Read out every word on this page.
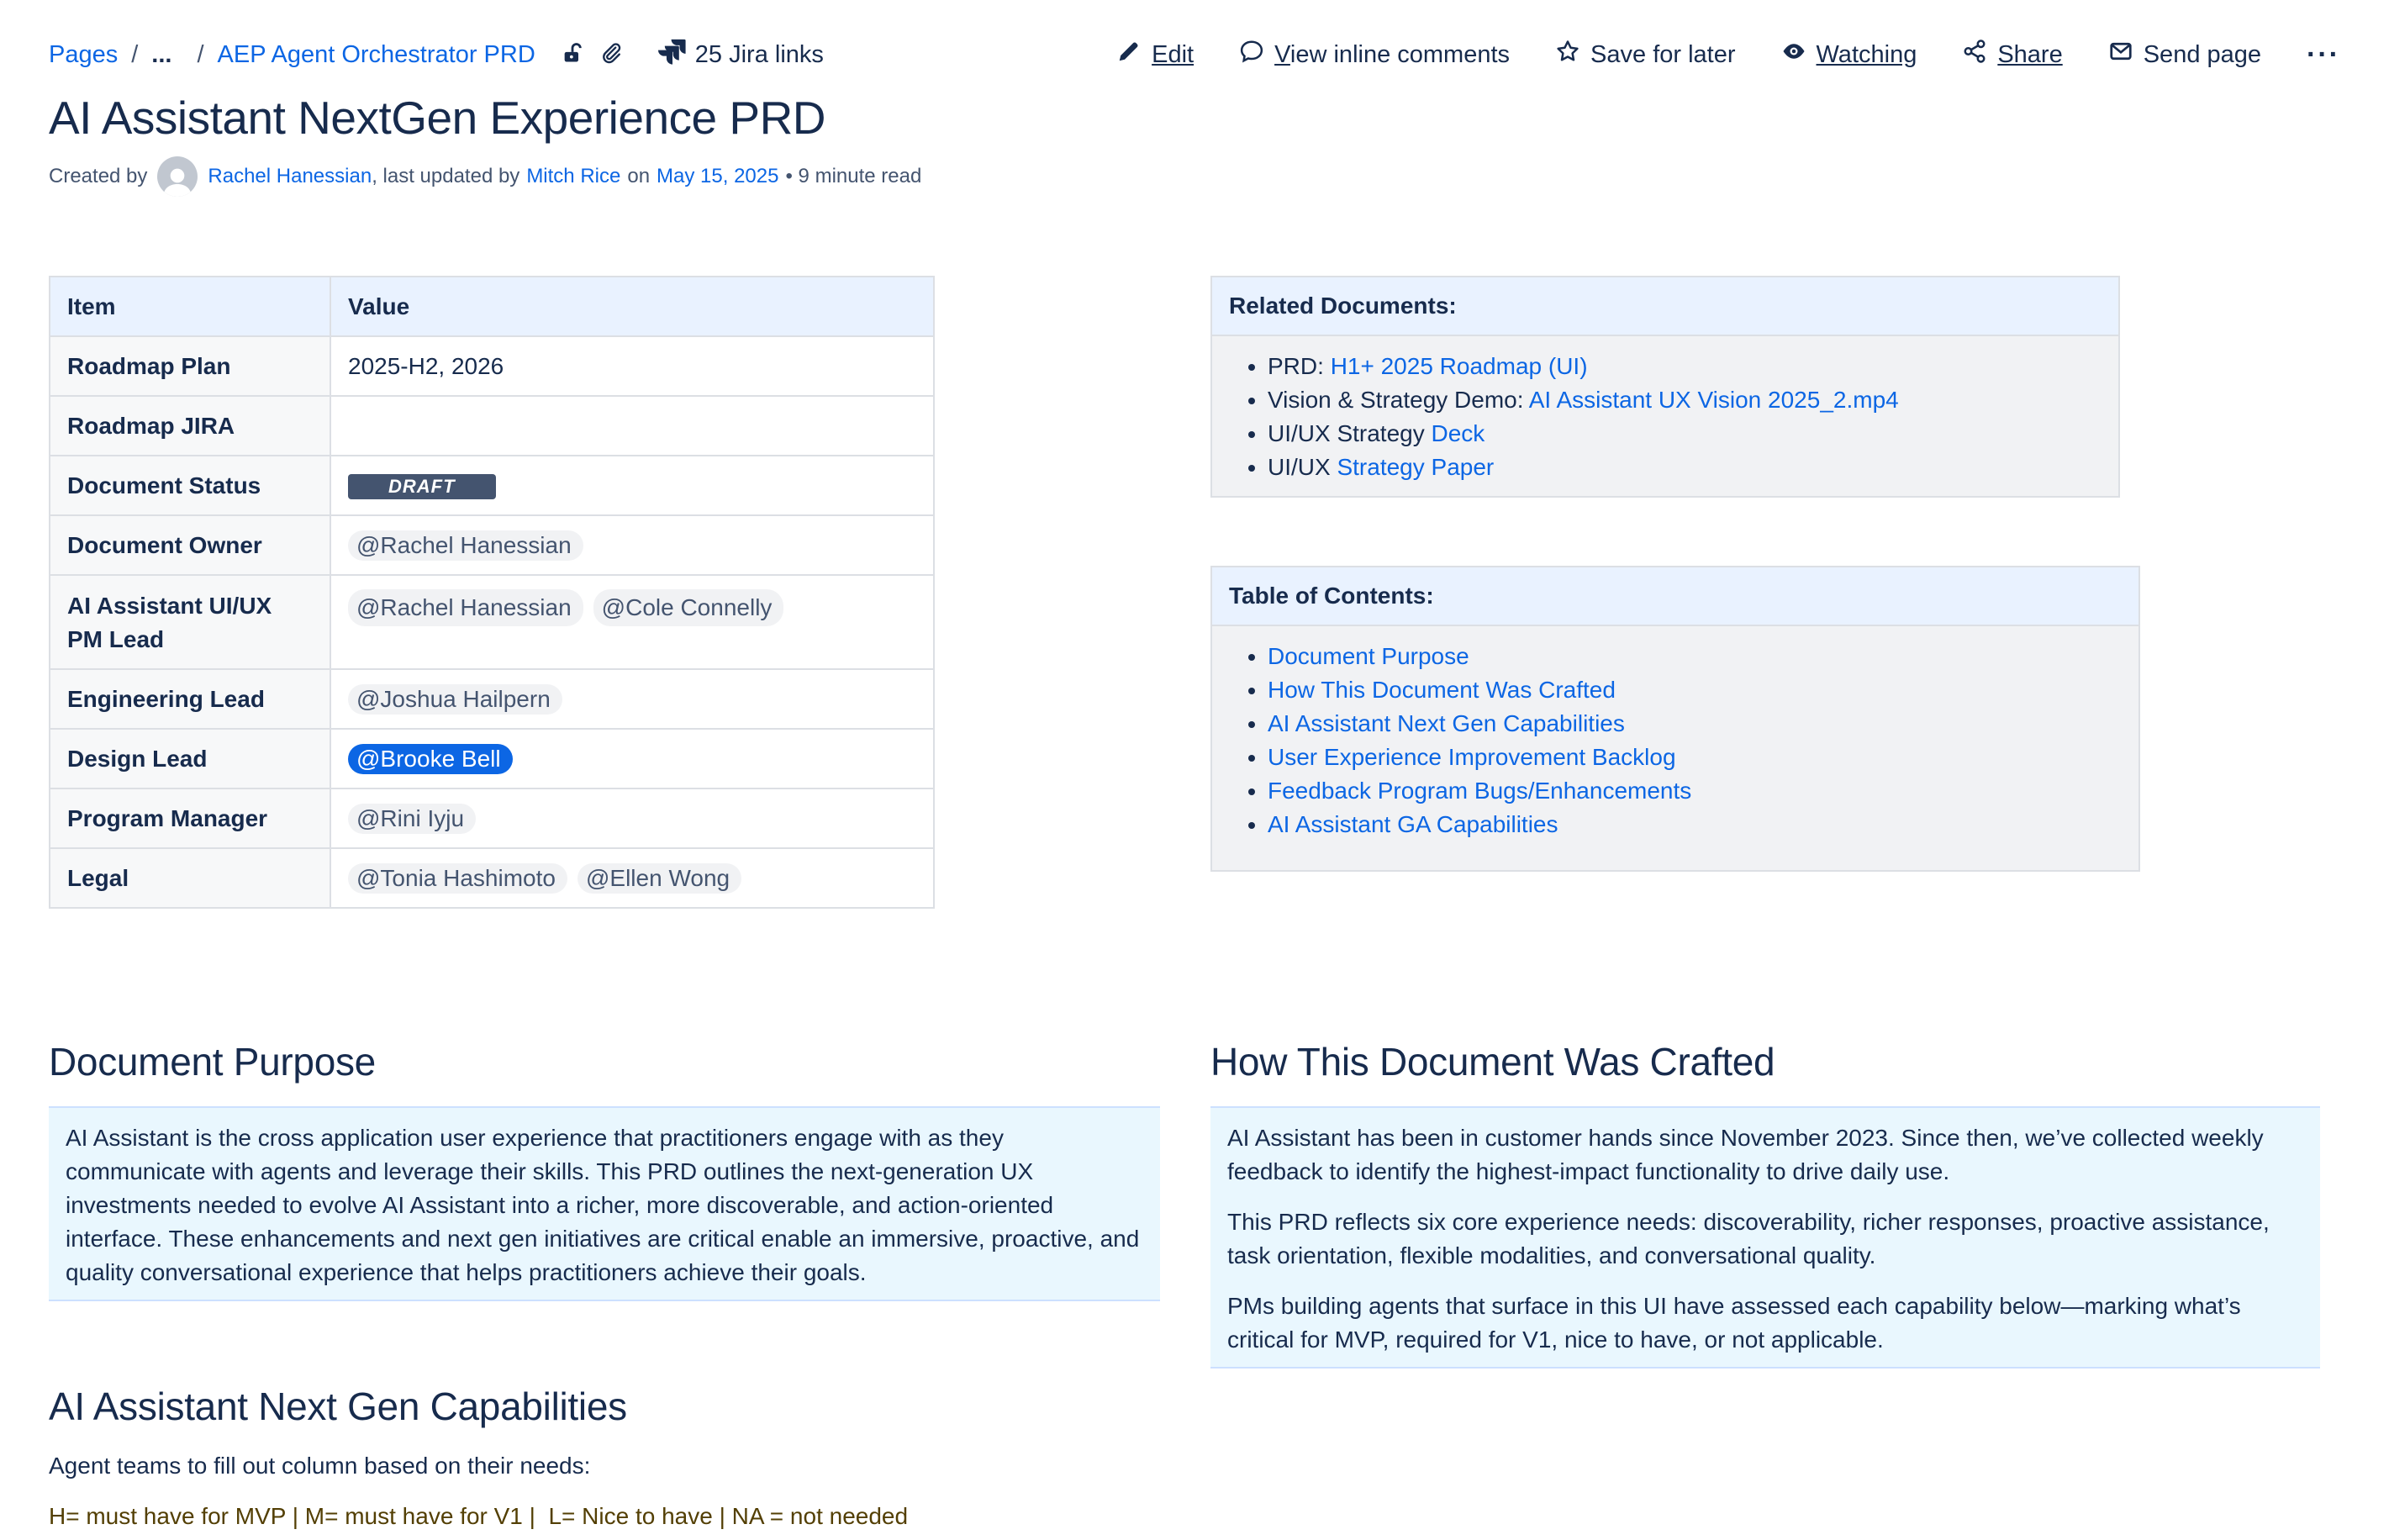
Pages / ... / AEP Agent Orchestrator PRD	25 Jira links	Edit	View inline comments	Save for later	Watching	Share	Send page ···
AI Assistant NextGen Experience PRD
Created by	Rachel Hanessian, last updated by Mitch Rice on May 15, 2025 • 9 minute read
Item	Value
Roadmap Plan	2025-H2, 2026
Roadmap JIRA	
Document Status	DRAFT
Document Owner	@Rachel Hanessian
AI Assistant UI/UX PM Lead	@Rachel Hanessian @Cole Connelly
Engineering Lead	@Joshua Hailpern
Design Lead	@Brooke Bell
Program Manager	@Rini Iyju
Legal	@Tonia Hashimoto @Ellen Wong
Related Documents:
• PRD: H1+ 2025 Roadmap (UI)
• Vision & Strategy Demo: AI Assistant UX Vision 2025_2.mp4
• UI/UX Strategy Deck
• UI/UX Strategy Paper
Table of Contents:
• Document Purpose
• How This Document Was Crafted
• AI Assistant Next Gen Capabilities
• User Experience Improvement Backlog
• Feedback Program Bugs/Enhancements
• AI Assistant GA Capabilities
Document Purpose

AI Assistant is the cross application user experience that practitioners engage with as they communicate with agents and leverage their skills. This PRD outlines the next-generation UX investments needed to evolve AI Assistant into a richer, more discoverable, and action-oriented interface. These enhancements and next gen initiatives are critical enable an immersive, proactive, and quality conversational experience that helps practitioners achieve their goals.

How This Document Was Crafted

AI Assistant has been in customer hands since November 2023. Since then, we’ve collected weekly feedback to identify the highest-impact functionality to drive daily use.

This PRD reflects six core experience needs: discoverability, richer responses, proactive assistance, task orientation, flexible modalities, and conversational quality.

PMs building agents that surface in this UI have assessed each capability below—marking what’s critical for MVP, required for V1, nice to have, or not applicable.

AI Assistant Next Gen Capabilities
Agent teams to fill out column based on their needs:
H= must have for MVP | M= must have for V1 |  L= Nice to have | NA = not needed
